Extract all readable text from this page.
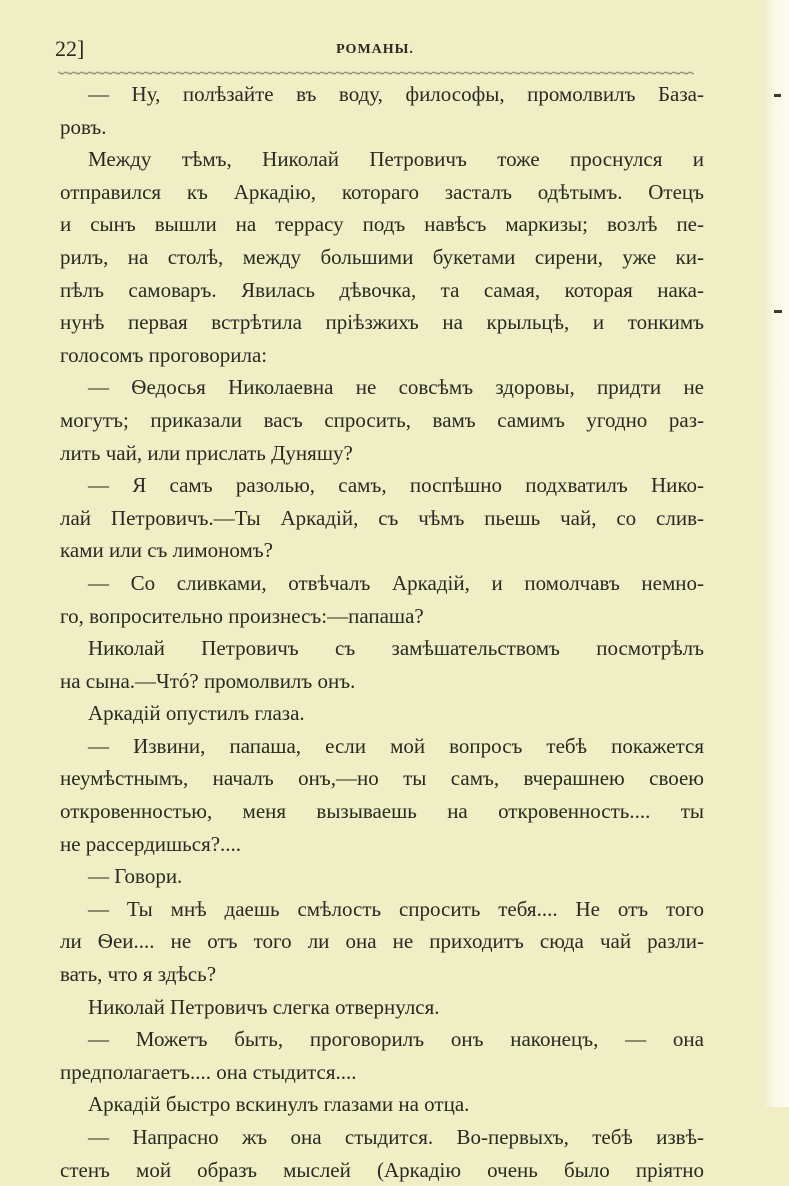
22]	РОМАНЫ.
— Ну, полѣзайте въ воду, философы, промолвилъ База-
ровъ.
Между тѣмъ, Николай Петровичъ тоже проснулся и
отправился къ Аркадію, котораго засталъ одѣтымъ. Отецъ
и сынъ вышли на террасу подъ навѣсъ маркизы; возлѣ пе-
рилъ, на столѣ, между большими букетами сирени, уже ки-
пѣлъ самоваръ. Явилась дѣвочка, та самая, которая нака-
нунѣ первая встрѣтила пріѣзжихъ на крыльцѣ, и тонкимъ
голосомъ проговорила:
— Ѳедосья Николаевна не совсѣмъ здоровы, придти не
могутъ; приказали васъ спросить, вамъ самимъ угодно раз-
лить чай, или прислать Дуняшу?
— Я самъ разолью, самъ, поспѣшно подхватилъ Нико-
лай Петровичъ.—Ты Аркадій, съ чѣмъ пьешь чай, со слив-
ками или съ лимономъ?
— Со сливками, отвѣчалъ Аркадій, и помолчавъ немно-
го, вопросительно произнесъ:—папаша?
Николай Петровичъ съ замѣшательствомъ посмотрѣлъ
на сына.—Чтó? промолвилъ онъ.
Аркадій опустилъ глаза.
— Извини, папаша, если мой вопросъ тебѣ покажется
неумѣстнымъ, началъ онъ,—но ты самъ, вчерашнею своею
откровенностью, меня вызываешь на откровенность.... ты
не рассердишься?....
— Говори.
— Ты мнѣ даешь смѣлость спросить тебя.... Не отъ того
ли Ѳеи.... не отъ того ли она не приходитъ сюда чай разли-
вать, что я здѣсь?
Николай Петровичъ слегка отвернулся.
— Можетъ быть, проговорилъ онъ наконецъ, — она
предполагаетъ.... она стыдится....
Аркадій быстро вскинулъ глазами на отца.
— Напрасно жъ она стыдится. Во-первыхъ, тебѣ извѣ-
стенъ мой образъ мыслей (Аркадію очень было пріятно
